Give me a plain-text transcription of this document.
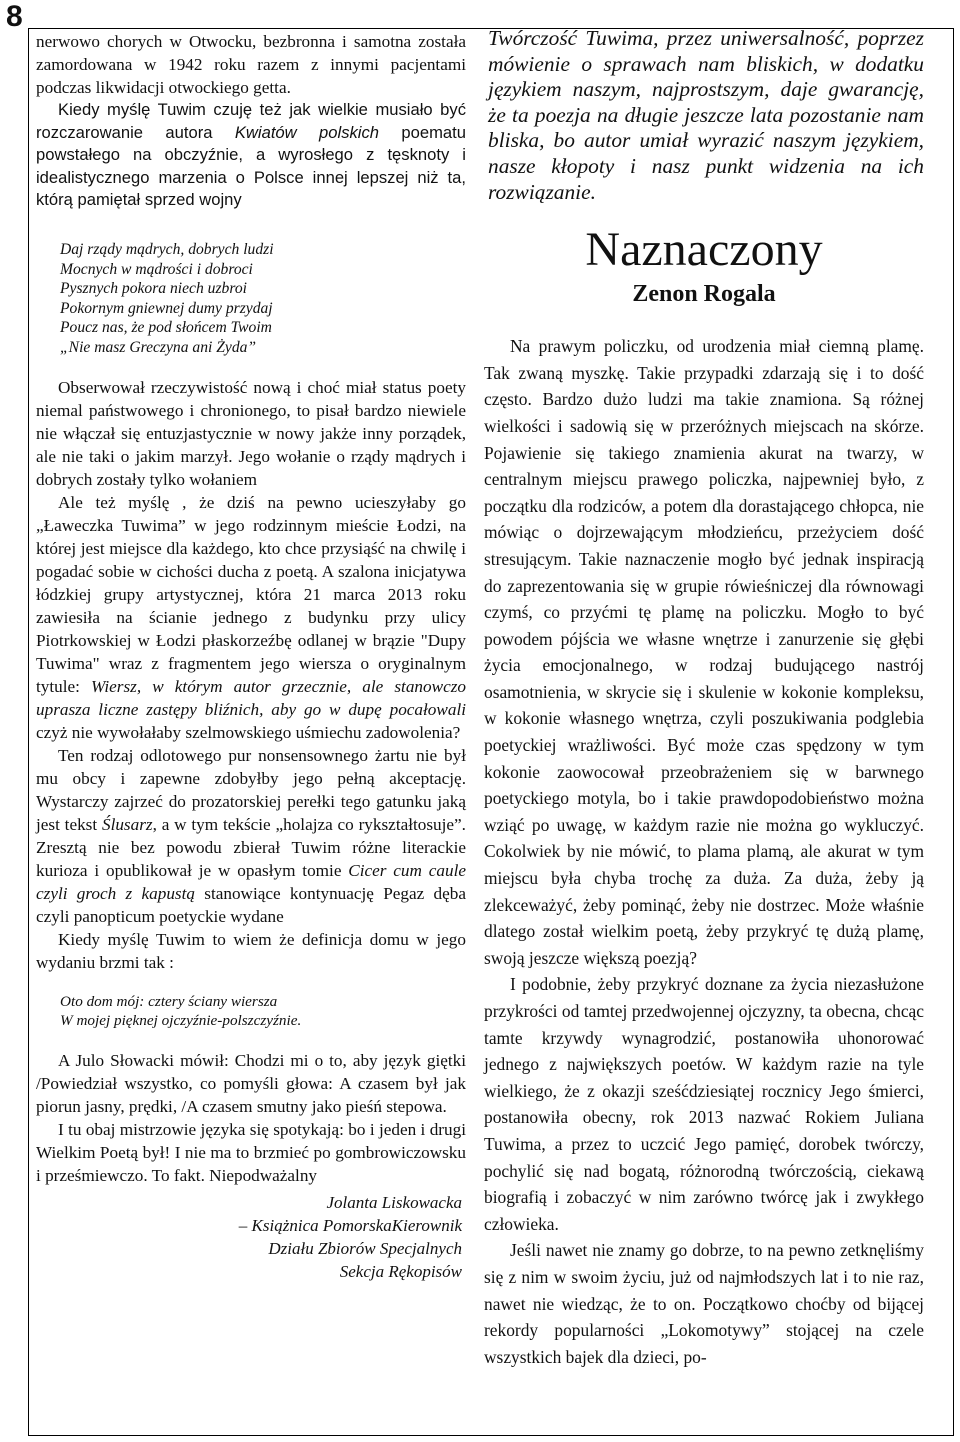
8

nerwowo chorych w Otwocku, bezbronna i samotna została zamordowana w 1942 roku razem z innymi pacjentami podczas likwidacji otwockiego getta.

Kiedy myślę Tuwim czuję też jak wielkie musiało być rozczarowanie autora Kwiatów polskich poematu powstałego na obczyźnie, a wyrosłego z tęsknoty i idealistycznego marzenia o Polsce innej lepszej niż ta, którą pamiętał sprzed wojny

Daj rządy mądrych, dobrych ludzi
Mocnych w mądrości i dobroci
Pysznych pokora niech uzbroi
Pokornym gniewnej dumy przydaj
Poucz nas, że pod słońcem Twoim
„Nie masz Greczyna ani Żyda”

Obserwował rzeczywistość nową i choć miał status poety niemal państwowego i chronionego, to pisał bardzo niewiele nie włączał się entuzjastycznie w nowy jakże inny porządek, ale nie taki o jakim marzył. Jego wołanie o rządy mądrych i dobrych zostały tylko wołaniem

Ale też myślę , że dziś na pewno ucieszyłaby go „Ławeczka Tuwima” w jego rodzinnym mieście Łodzi, na której jest miejsce dla każdego, kto chce przysiąść na chwilę i pogadać sobie w cichości ducha z poetą. A szalona inicjatywa łódzkiej grupy artystycznej, która 21 marca 2013 roku zawiesiła na ścianie jednego z budynku przy ulicy Piotrkowskiej w Łodzi płaskorzeźbę odlanej w brązie "Dupy Tuwima" wraz z fragmentem jego wiersza o oryginalnym tytule: Wiersz, w którym autor grzecznie, ale stanowczo uprasza liczne zastępy bliźnich, aby go w dupę pocałowali czyż nie wywołałaby szelmowskiego uśmiechu zadowolenia?

Ten rodzaj odlotowego pur nonsensownego żartu nie był mu obcy i zapewne zdobyłby jego pełną akceptację. Wystarczy zajrzeć do prozatorskiej perełki tego gatunku jaką jest tekst Ślusarz, a w tym tekście „holajza co rykształtosuje”. Zresztą nie bez powodu zbierał Tuwim różne literackie kurioza i opublikował je w opasłym tomie Cicer cum caule czyli groch z kapustą stanowiące kontynuację Pegaz dęba czyli panopticum poetyckie wydane

Kiedy myślę Tuwim to wiem że definicja domu w jego wydaniu brzmi tak :

Oto dom mój: cztery ściany wiersza
W mojej pięknej ojczyźnie-polszczyźnie.

A Julo Słowacki mówił: Chodzi mi o to, aby język giętki /Powiedział wszystko, co pomyśli głowa: A czasem był jak piorun jasny, prędki, /A czasem smutny jako pieśń stepowa.

I tu obaj mistrzowie języka się spotykają: bo i jeden i drugi Wielkim Poetą był! I nie ma to brzmieć po gombrowiczowsku i prześmiewczo. To fakt. Niepodważalny

Jolanta Liskowacka
– Książnica PomorskaKierownik
Działu Zbiorów Specjalnych
Sekcja Rękopisów

Twórczość Tuwima, przez uniwersalność, poprzez mówienie o sprawach nam bliskich, w dodatku językiem naszym, najprostszym, daje gwarancję, że ta poezja na długie jeszcze lata pozostanie nam bliska, bo autor umiał wyrazić naszym językiem, nasze kłopoty i nasz punkt widzenia na ich rozwiązanie.

Naznaczony
Zenon Rogala

Na prawym policzku, od urodzenia miał ciemną plamę. Tak zwaną myszkę. Takie przypadki zdarzają się i to dość często. Bardzo dużo ludzi ma takie znamiona. Są różnej wielkości i sadowią się w przeróżnych miejscach na skórze. Pojawienie się takiego znamienia akurat na twarzy, w centralnym miejscu prawego policzka, najpewniej było, z początku dla rodziców, a potem dla dorastającego chłopca, nie mówiąc o dojrzewającym młodzieńcu, przeżyciem dość stresującym. Takie naznaczenie mogło być jednak inspiracją do zaprezentowania się w grupie rówieśniczej dla równowagi czymś, co przyćmi tę plamę na policzku. Mogło to być powodem pójścia we własne wnętrze i zanurzenie się głębi życia emocjonalnego, w rodzaj budującego nastrój osamotnienia, w skrycie się i skulenie w kokonie kompleksu, w kokonie własnego wnętrza, czyli poszukiwania podglebia poetyckiej wrażliwości. Być może czas spędzony w tym kokonie zaowocował przeobrażeniem się w barwnego poetyckiego motyla, bo i takie prawdopodobieństwo można wziąć po uwagę, w każdym razie nie można go wykluczyć. Cokolwiek by nie mówić, to plama plamą, ale akurat w tym miejscu była chyba trochę za duża. Za duża, żeby ją zlekceważyć, żeby pominąć, żeby nie dostrzec. Może właśnie dlatego został wielkim poetą, żeby przykryć tę dużą plamę, swoją jeszcze większą poezją?

I podobnie, żeby przykryć doznane za życia niezasłużone przykrości od tamtej przedwojennej ojczyzny, ta obecna, chcąc tamte krzywdy wynagrodzić, postanowiła uhonorować jednego z największych poetów. W każdym razie na tyle wielkiego, że z okazji sześćdziesiątej rocznicy Jego śmierci, postanowiła obecny, rok 2013 nazwać Rokiem Juliana Tuwima, a przez to uczcić Jego pamięć, dorobek twórczy, pochylić się nad bogatą, różnorodną twórczością, ciekawą biografią i zobaczyć w nim zarówno twórcę jak i zwykłego człowieka.

Jeśli nawet nie znamy go dobrze, to na pewno zetknęliśmy się z nim w swoim życiu, już od najmłodszych lat i to nie raz, nawet nie wiedząc, że to on. Początkowo choćby od bijącej rekordy popularności „Lokomotywy” stojącej na czele wszystkich bajek dla dzieci, po-
